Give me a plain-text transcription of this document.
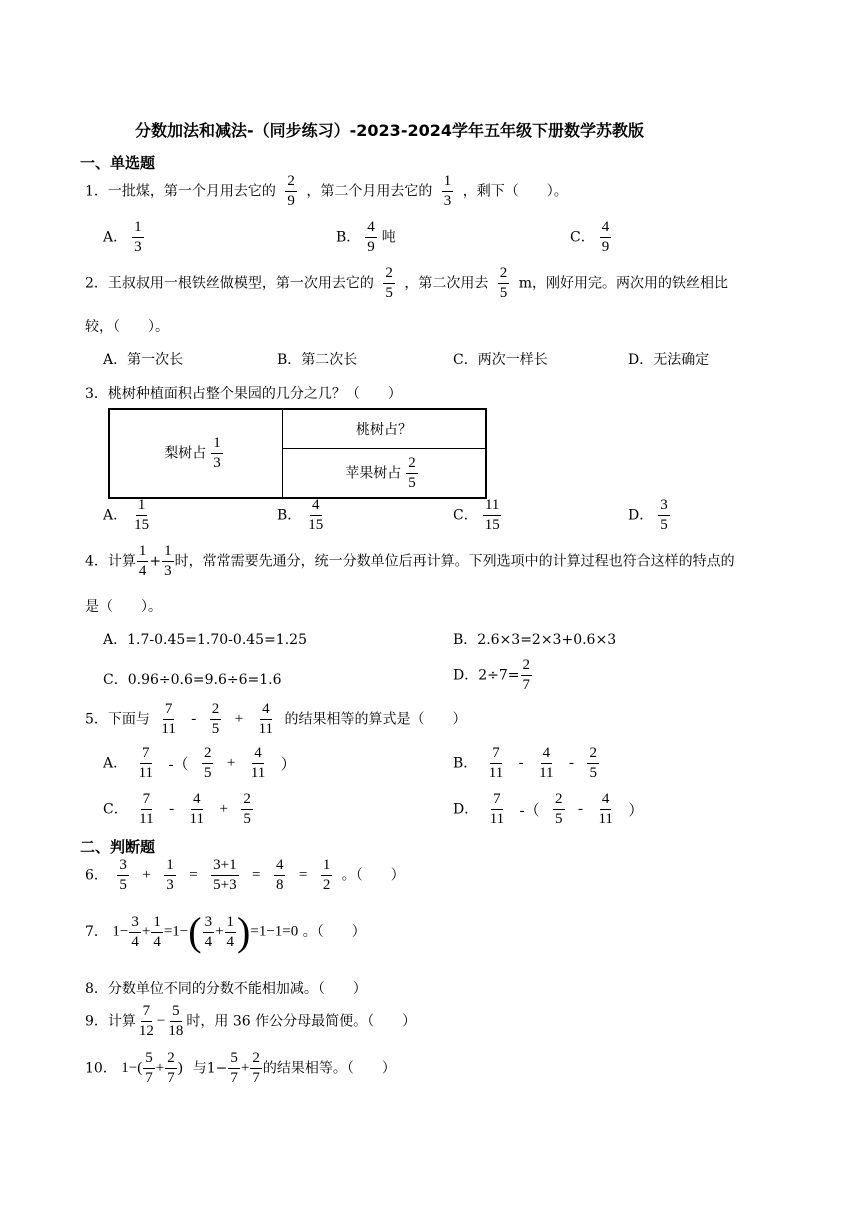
分数加法和减法-（同步练习）-2023-2024学年五年级下册数学苏教版
一、单选题
1．一批煤，第一个月用去它的 $\frac{2}{9}$ ，第二个月用去它的 $\frac{1}{3}$ ，剩下（　　）。
A． $\frac{1}{3}$	B． $\frac{4}{9}$ 吨	C． $\frac{4}{9}$
2．王叔叔用一根铁丝做模型，第一次用去它的 $\frac{2}{5}$ ，第二次用去 $\frac{2}{5}$ m，刚好用完。两次用的铁丝相比
较，（　　）。
A．第一次长	B．第二次长	C．两次一样长	D．无法确定
3．桃树种植面积占整个果园的几分之几？（　　）
梨树占 $\frac{1}{3}$
	桃树占？
苹果树占 $\frac{2}{5}$
A． $\frac{1}{15}$	B． $\frac{4}{15}$	C． $\frac{11}{15}$	D． $\frac{3}{5}$
4．计算 $\frac{1}{4} + \frac{1}{3}$ 时，常常需要先通分，统一分数单位后再计算。下列选项中的计算过程也符合这样的特点的
是（　　）。
A．1.7-0.45=1.70-0.45=1.25	B．2.6×3=2×3+0.6×3
C．0.96÷0.6=9.6÷6=1.6	D．$2\div 7= \frac{2}{7}$
5．下面与 $\frac{7}{11} - \frac{2}{5} + \frac{4}{11}$ 的结果相等的算式是（　　）
A． $\frac{7}{11}$ -（ $\frac{2}{5} + \frac{4}{11}$ ）	B． $\frac{7}{11} - \frac{4}{11} - \frac{2}{5}$
C． $\frac{7}{11} - \frac{4}{11} + \frac{2}{5}$	D． $\frac{7}{11}$ -（ $\frac{2}{5} - \frac{4}{11}$ ）
二、判断题
6． $\frac{3}{5} + \frac{1}{3} = \frac{3+1}{5+3} = \frac{4}{8} = \frac{1}{2}$ 。（　　）
7． $1- \frac{3}{4} + \frac{1}{4} =1-( \frac{3}{4} + \frac{1}{4} )=1-1=0$ 。（　　）
8．分数单位不同的分数不能相加减。（　　）
9．计算 $\frac{7}{12} - \frac{5}{18}$ 时，用 36 作公分母最简便。（　　）
10． $1-( \frac{5}{7} + \frac{2}{7}$ ) 与$1- \frac{5}{7} + \frac{2}{7}$ 的结果相等。（　　）
